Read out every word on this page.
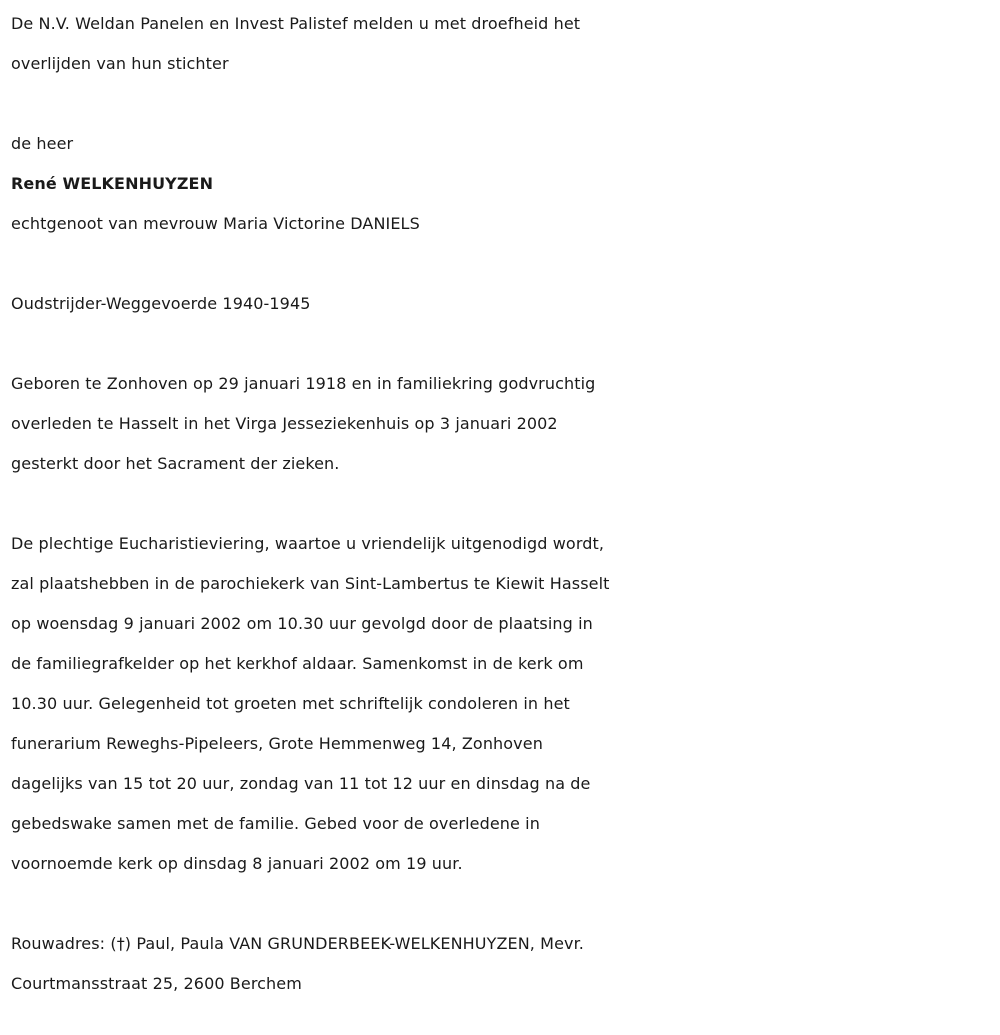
De N.V. Weldan Panelen en Invest Palistef melden u met droefheid het
overlijden van hun stichter
de heer
René WELKENHUYZEN
echtgenoot van mevrouw Maria Victorine DANIELS
Oudstrijder-Weggevoerde 1940-1945
Geboren te Zonhoven op 29 januari 1918 en in familiekring godvruchtig
overleden te Hasselt in het Virga Jesseziekenhuis op 3 januari 2002
gesterkt door het Sacrament der zieken.
De plechtige Eucharistieviering, waartoe u vriendelijk uitgenodigd wordt,
zal plaatshebben in de parochiekerk van Sint-Lambertus te Kiewit Hasselt
op woensdag 9 januari 2002 om 10.30 uur gevolgd door de plaatsing in
de familiegrafkelder op het kerkhof aldaar. Samenkomst in de kerk om
10.30 uur. Gelegenheid tot groeten met schriftelijk condoleren in het
funerarium Reweghs-Pipeleers, Grote Hemmenweg 14, Zonhoven
dagelijks van 15 tot 20 uur, zondag van 11 tot 12 uur en dinsdag na de
gebedswake samen met de familie. Gebed voor de overledene in
voornoemde kerk op dinsdag 8 januari 2002 om 19 uur.
Rouwadres: (†) Paul, Paula VAN GRUNDERBEEK-WELKENHUYZEN, Mevr.
Courtmansstraat 25, 2600 Berchem
